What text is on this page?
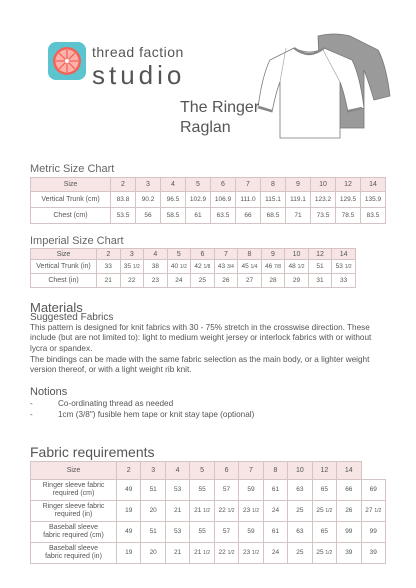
thread faction
studio
The Ringer
Raglan
Metric Size Chart
Size	2	3	4	5	6	7	8	9	10	12	14
Vertical Trunk (cm)	83.8	90.2	96.5	102.9	106.9	111.0	115.1	119.1	123.2	129.5	135.9
Chest (cm)	53.5	56	58.5	61	63.5	66	68.5	71	73.5	78.5	83.5
Imperial Size Chart
Size	2	3	4	5	6	7	8	9	10	12	14
Vertical Trunk (in)	33	35 1/2	38	40 1/2	42 1/8	43 3/4	45 1/4	46 7/8	48 1/2	51	53 1/2
Chest (in)	21	22	23	24	25	26	27	28	29	31	33
Materials
Suggested Fabrics
This pattern is designed for knit fabrics with 30 - 75% stretch in the crosswise direction. These include (but are not limited to): light to medium weight jersey or interlock fabrics with or without lycra or spandex.
The bindings can be made with the same fabric selection as the main body, or a lighter weight version thereof, or with a light weight rib knit.
Notions
-	Co-ordinating thread as needed
-	1cm (3/8") fusible hem tape or knit stay tape (optional)
Fabric requirements
Size	2	3	4	5	6	7	8	10	12	14	

Ringer sleeve fabric
required (cm)	49	51	53	55	57	59	61	63	65	66	69

Ringer sleeve fabric
required (in)	19	20	21	21 1/2	22 1/2	23 1/2	24	25	25 1/2	26	27 1/2

Baseball sleeve
fabric required (cm)	49	51	53	55	57	59	61	63	65	99	99

Baseball sleeve
fabric required (in)	19	20	21	21 1/2	22 1/2	23 1/2	24	25	25 1/2	39	39
